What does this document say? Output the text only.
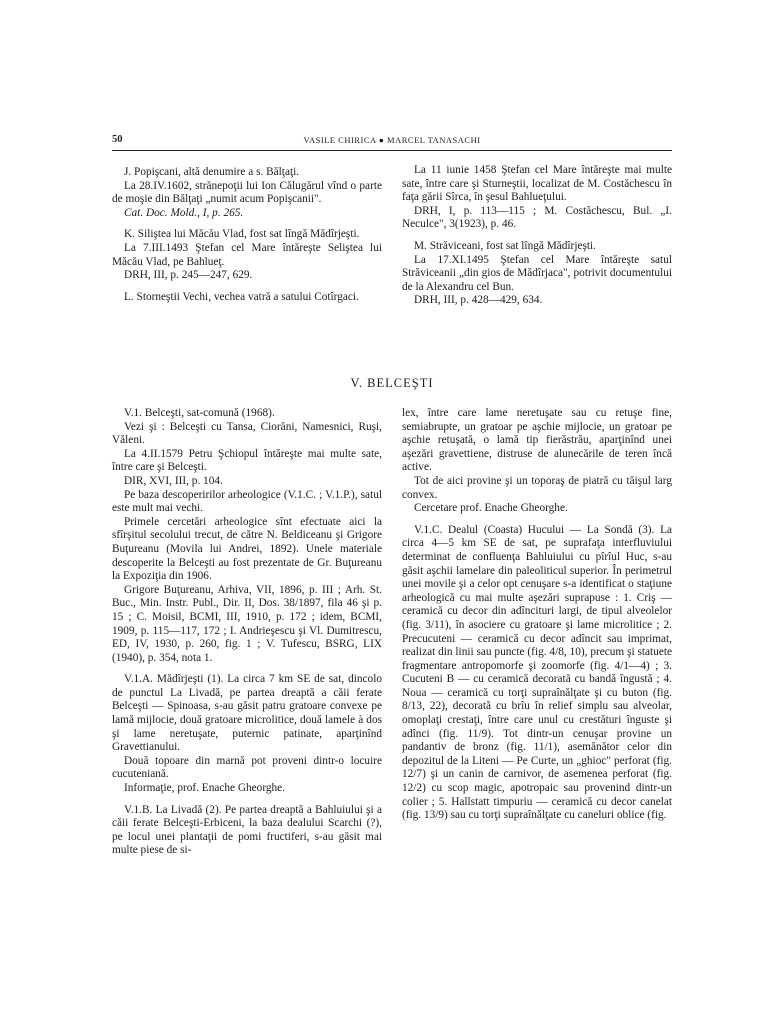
50	VASILE CHIRICA ● MARCEL TANASACHI

J. Popişcani, altă denumire a s. Bălţaţi.

La 28.IV.1602, strănepoţii lui Ion Călugărul vînd o parte de moşie din Bălţaţi „numit acum Popişcanii".

Cat. Doc. Mold., I, p. 265.

K. Siliştea lui Măcău Vlad, fost sat lîngă Mădîrjeşti.

La 7.III.1493 Ştefan cel Mare întăreşte Selişteа lui Măcău Vlad, pe Bahlueţ.

DRH, III, p. 245—247, 629.

L. Storneştii Vechi, vechea vatră a satului Cotîrgaci.

La 11 iunie 1458 Ştefan cel Mare întăreşte mai multe sate, între care şi Sturneştii, localizat de M. Costăchescu în faţa gării Sîrca, în şesul Bahlueţului.

DRH, I, p. 113—115 ; M. Costăchescu, Bul. „I. Neculce", 3(1923), p. 46.

M. Străviceani, fost sat lîngă Mădîrjeşti.

La 17.XI.1495 Ştefan cel Mare întăreşte satul Străviceanii „din gios de Mădîrjaca", potrivit documentului de la Alexandru cel Bun.

DRH, III, p. 428—429, 634.

V. BELCEŞTI

V.1. Belceşti, sat-comună (1968).

Vezi şi : Belceşti cu Tansa, Ciorăni, Namesnici, Ruşi, Văleni.

La 4.II.1579 Petru Şchiopul întăreşte mai multe sate, între care şi Belceşti.

DIR, XVI, III, p. 104.

Pe baza descoperirilor arheologice (V.1.C. ; V.1.P.), satul este mult mai vechi.

Primele cercetări arheologice sînt efectuate aici la sfîrşitul secolului trecut, de către N. Beldiceanu şi Grigore Buţureanu (Movila lui Andrei, 1892). Unele materiale descoperite la Belceşti au fost prezentate de Gr. Buţureanu la Expoziţia din 1906.

Grigore Buţureanu, Arhiva, VII, 1896, p. III ; Arh. St. Buc., Min. Instr. Publ., Dir. II, Dos. 38/1897, fila 46 şi p. 15 ; C. Moisil, BCMI, III, 1910, p. 172 ; idem, BCMI, 1909, p. 115—117, 172 ; I. Andrieşescu şi Vl. Dumitrescu, ED, IV, 1930, p. 260, fig. 1 ; V. Tufescu, BSRG, LIX (1940), p. 354, nota 1.

V.1.A. Mădîrjeşti (1). La circa 7 km SE de sat, dincolo de punctul La Livadă, pe partea dreaptă a căii ferate Belceşti — Spinoasa, s-au găsit patru gratoare convexe pe lamă mijlocie, două gratoare microlitice, două lamele à dos şi lame neretuşate, puternic patinate, aparţinînd Gravettianului.

Două topoare din marnă pot proveni dintr-o locuire cucuteniană.

Informaţie, prof. Enache Gheorghe.

V.1.B. La Livadă (2). Pe partea dreaptă a Bahluiului şi a căii ferate Belceşti-Erbiceni, la baza dealului Scarchi (?), pe locul unei plantaţii de pomi fructiferi, s-au găsit mai multe piese de si-

lex, între care lame neretuşate sau cu retuşe fine, semiabrupte, un gratoar pe aşchie mijlocie, un gratoar pe aşchie retuşată, o lamă tip fierăstrău, aparţinînd unei aşezări gravettiene, distruse de alunecările de teren încă active.

Tot de aici provine şi un toporaş de piatră cu tăişul larg convex.

Cercetare prof. Enache Gheorghe.

V.1.C. Dealul (Coasta) Hucului — La Sondă (3). La circa 4—5 km SE de sat, pe suprafaţa interfluviului determinat de confluenţa Bahluiului cu pîrîul Huc, s-au găsit aşchii lamelare din paleoliticul superior. În perimetrul unei movile şi a celor opt cenuşare s-a identificat o staţiune arheologică cu mai multe aşezări suprapuse : 1. Criş — ceramică cu decor din adîncituri largi, de tipul alveolelor (fig. 3/11), în asociere cu gratoare şi lame microlitice ; 2. Precucuteni — ceramică cu decor adîncit sau imprimat, realizat din linii sau puncte (fig. 4/8, 10), precum şi statuete fragmentare antropomorfe şi zoomorfe (fig. 4/1—4) ; 3. Cucuteni B — cu ceramică decorată cu bandă îngustă ; 4. Noua — ceramică cu torţi supraînălţate şi cu buton (fig. 8/13, 22), decorată cu brîu în relief simplu sau alveolar, omoplaţi crestaţi, între care unul cu crestături înguste şi adînci (fig. 11/9). Tot dintr-un cenuşar provine un pandantiv de bronz (fig. 11/1), asemănător celor din depozitul de la Liteni — Pe Curte, un „ghioc" perforat (fig. 12/7) şi un canin de carnivor, de asemenea perforat (fig. 12/2) cu scop magic, apotropaic sau provenind dintr-un colier ; 5. Hallstatt timpuriu — ceramică cu decor canelat (fig. 13/9) sau cu torţi supraînălţate cu caneluri oblice (fig.
